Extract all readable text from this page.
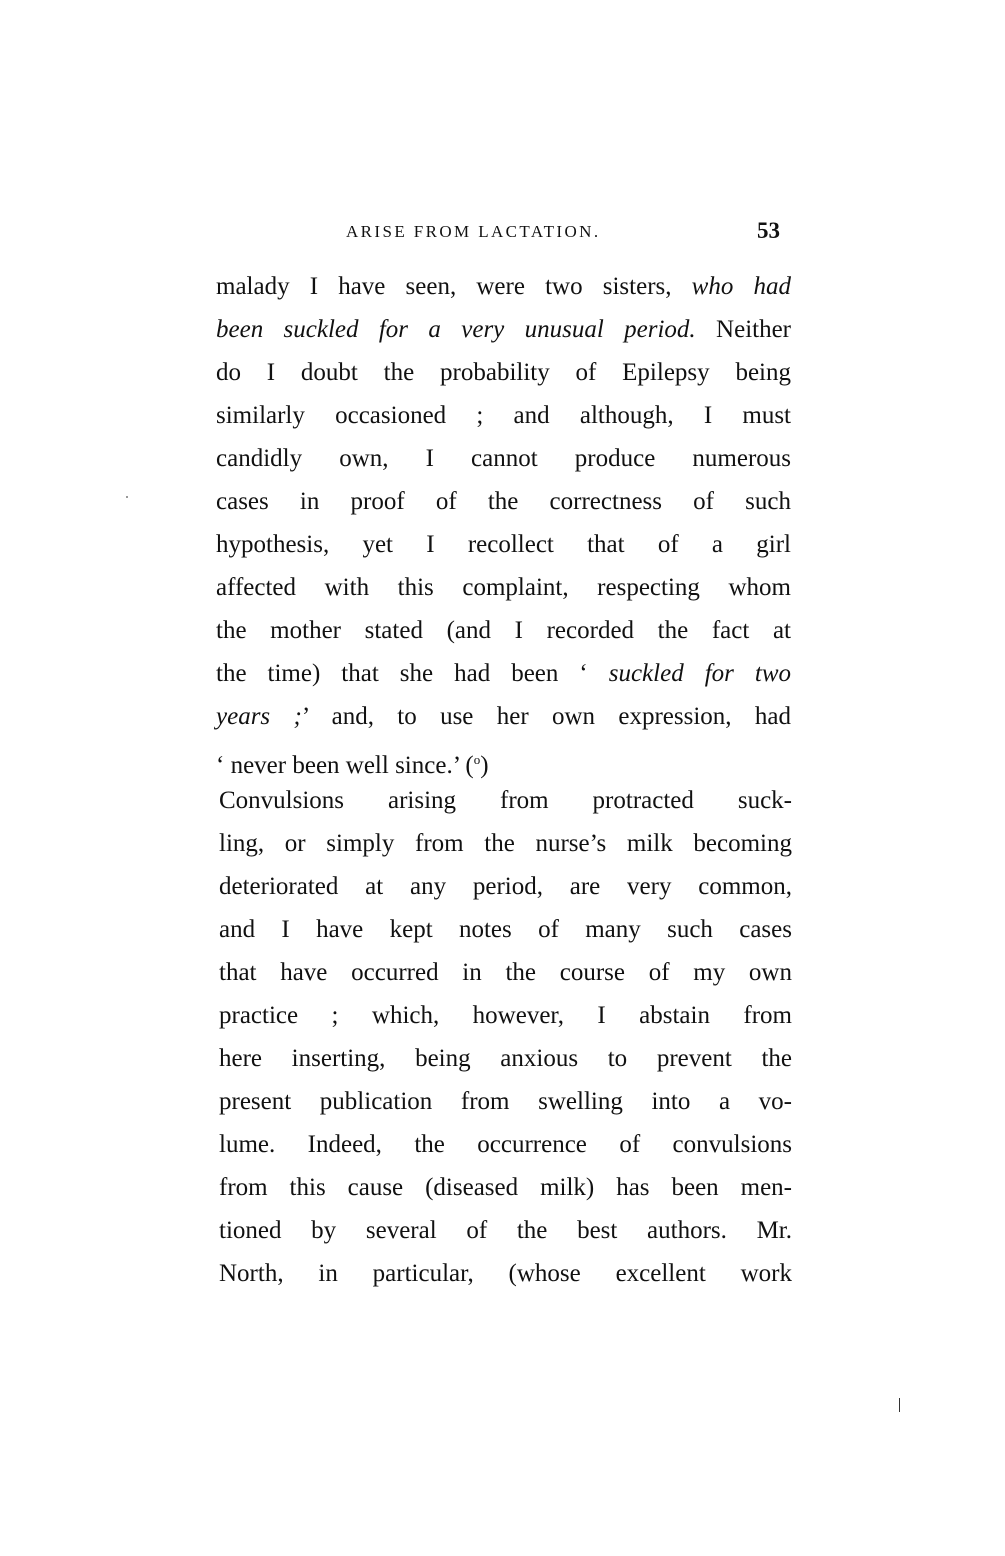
ARISE FROM LACTATION.	53
malady I have seen, were two sisters, who had
been suckled for a very unusual period. Neither
do I doubt the probability of Epilepsy being
similarly occasioned ; and although, I must
candidly own, I cannot produce numerous
cases in proof of the correctness of such
hypothesis, yet I recollect that of a girl
affected with this complaint, respecting whom
the mother stated (and I recorded the fact at
the time) that she had been ‘ suckled for two
years ;’ and, to use her own expression, had
‘ never been well since.’ ($^o$)
Convulsions arising from protracted suck-
ling, or simply from the nurse’s milk becoming
deteriorated at any period, are very common,
and I have kept notes of many such cases
that have occurred in the course of my own
practice ; which, however, I abstain from
here inserting, being anxious to prevent the
present publication from swelling into a vo-
lume. Indeed, the occurrence of convulsions
from this cause (diseased milk) has been men-
tioned by several of the best authors. Mr.
North, in particular, (whose excellent work
